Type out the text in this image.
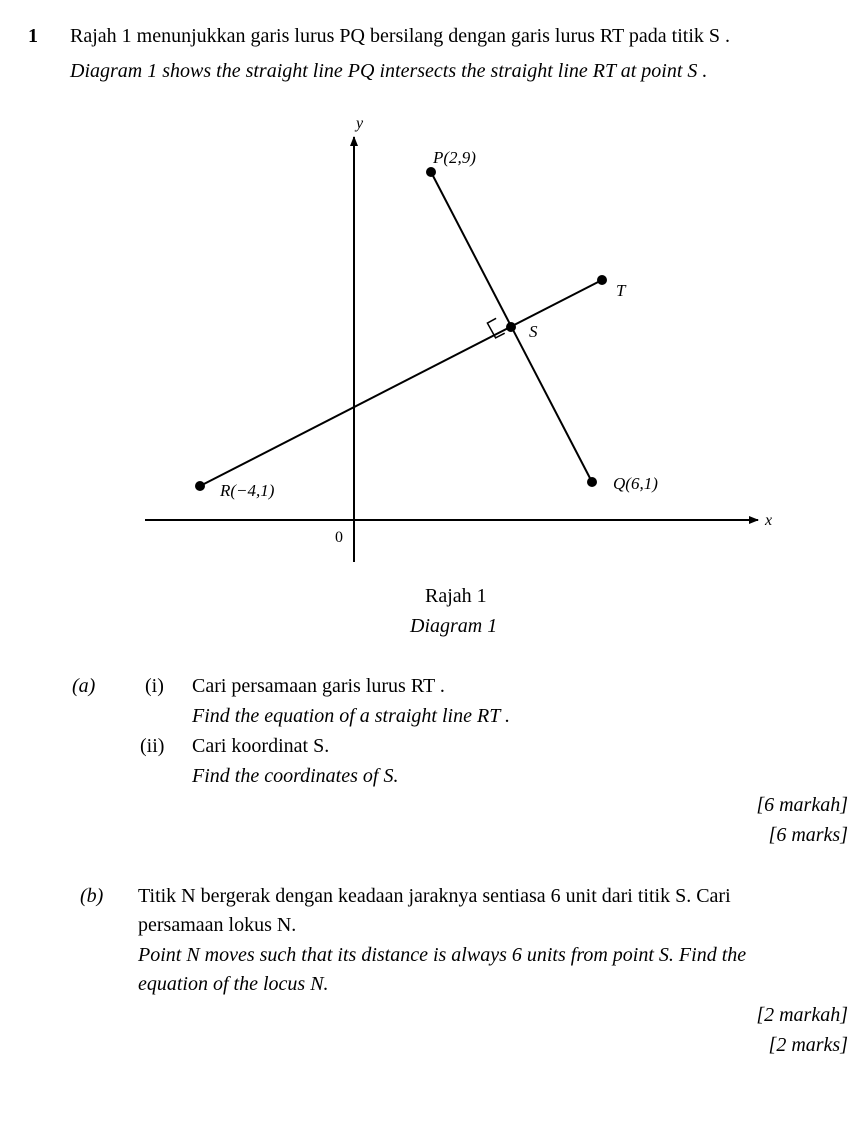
1 Rajah 1 menunjukkan garis lurus PQ bersilang dengan garis lurus RT pada titik S .
Diagram 1 shows the straight line PQ intersects the straight line RT at point S .
y
x
0
P(2,9)
Q(6,1)
R(−4,1)
T
S
Rajah 1
Diagram 1
(a) (i) Cari persamaan garis lurus RT .
Find the equation of a straight line RT .
(ii) Cari koordinat S.
Find the coordinates of S.
[6 markah]
[6 marks]
(b) Titik N bergerak dengan keadaan jaraknya sentiasa 6 unit dari titik S. Cari
persamaan lokus N.
Point N moves such that its distance is always 6 units from point S. Find the
equation of the locus N.
[2 markah]
[2 marks]
